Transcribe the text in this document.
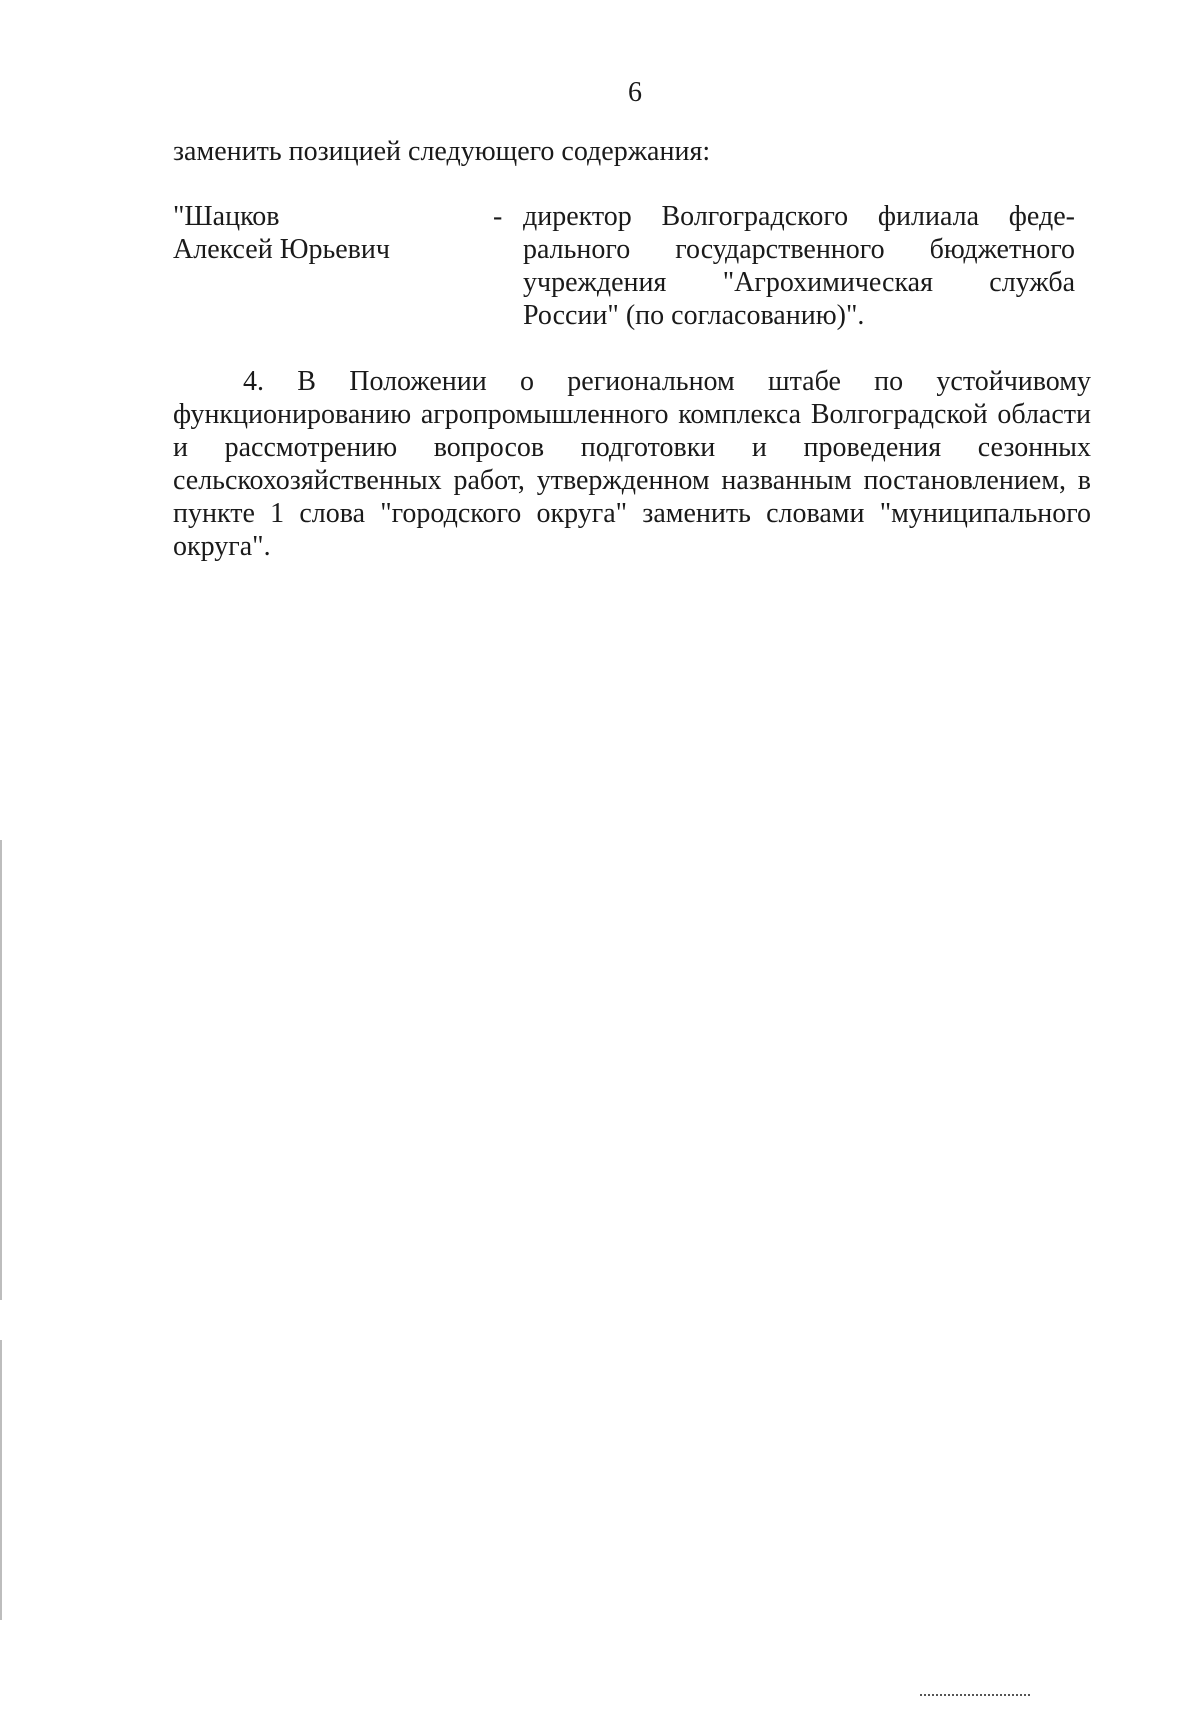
6
заменить позицией следующего содержания:
"Шацков
Алексей Юрьевич
- директор Волгоградского филиала феде-ральнoго государственного бюджетного учреждения "Агрохимическая служба России" (по согласованию)".
4. В Положении о региональном штабе по устойчивому функционированию агропромышленного комплекса Волгоградской области и рассмотрению вопросов подготовки и проведения сезонных сельскохозяйственных работ, утвержденном названным постановлением, в пункте 1 слова "городского округа" заменить словами "муниципального округа".
